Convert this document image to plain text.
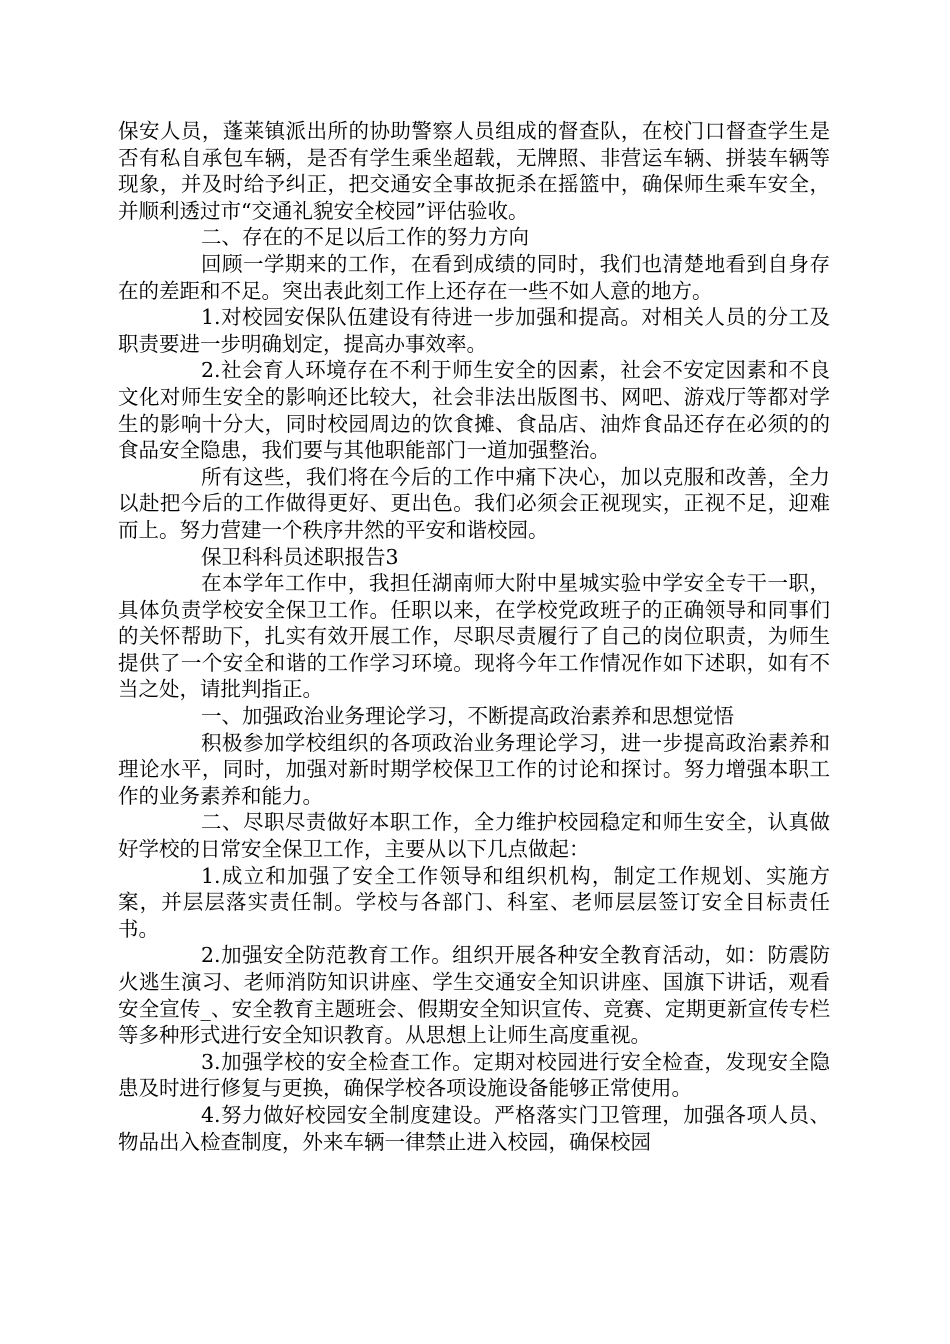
保安人员，蓬莱镇派出所的协助警察人员组成的督查队，在校门口督查学生是否有私自承包车辆，是否有学生乘坐超载，无牌照、非营运车辆、拼装车辆等现象，并及时给予纠正，把交通安全事故扼杀在摇篮中，确保师生乘车安全，并顺利透过市“交通礼貌安全校园”评估验收。

二、存在的不足以后工作的努力方向

回顾一学期来的工作，在看到成绩的同时，我们也清楚地看到自身存在的差距和不足。突出表此刻工作上还存在一些不如人意的地方。

1.对校园安保队伍建设有待进一步加强和提高。对相关人员的分工及职责要进一步明确划定，提高办事效率。

2.社会育人环境存在不利于师生安全的因素，社会不安定因素和不良文化对师生安全的影响还比较大，社会非法出版图书、网吧、游戏厅等都对学生的影响十分大，同时校园周边的饮食摊、食品店、油炸食品还存在必须的的食品安全隐患，我们要与其他职能部门一道加强整治。

所有这些，我们将在今后的工作中痛下决心，加以克服和改善，全力以赴把今后的工作做得更好、更出色。我们必须会正视现实，正视不足，迎难而上。努力营建一个秩序井然的平安和谐校园。

保卫科科员述职报告3

在本学年工作中，我担任湖南师大附中星城实验中学安全专干一职，具体负责学校安全保卫工作。任职以来，在学校党政班子的正确领导和同事们的关怀帮助下，扎实有效开展工作，尽职尽责履行了自己的岗位职责，为师生提供了一个安全和谐的工作学习环境。现将今年工作情况作如下述职，如有不当之处，请批判指正。

一、加强政治业务理论学习，不断提高政治素养和思想觉悟

积极参加学校组织的各项政治业务理论学习，进一步提高政治素养和理论水平，同时，加强对新时期学校保卫工作的讨论和探讨。努力增强本职工作的业务素养和能力。

二、尽职尽责做好本职工作，全力维护校园稳定和师生安全，认真做好学校的日常安全保卫工作，主要从以下几点做起：

1.成立和加强了安全工作领导和组织机构，制定工作规划、实施方案，并层层落实责任制。学校与各部门、科室、老师层层签订安全目标责任书。

2.加强安全防范教育工作。组织开展各种安全教育活动，如：防震防火逃生演习、老师消防知识讲座、学生交通安全知识讲座、国旗下讲话，观看安全宣传_、安全教育主题班会、假期安全知识宣传、竞赛、定期更新宣传专栏等多种形式进行安全知识教育。从思想上让师生高度重视。

3.加强学校的安全检查工作。定期对校园进行安全检查，发现安全隐患及时进行修复与更换，确保学校各项设施设备能够正常使用。

4.努力做好校园安全制度建设。严格落实门卫管理，加强各项人员、物品出入检查制度，外来车辆一律禁止进入校园，确保校园
